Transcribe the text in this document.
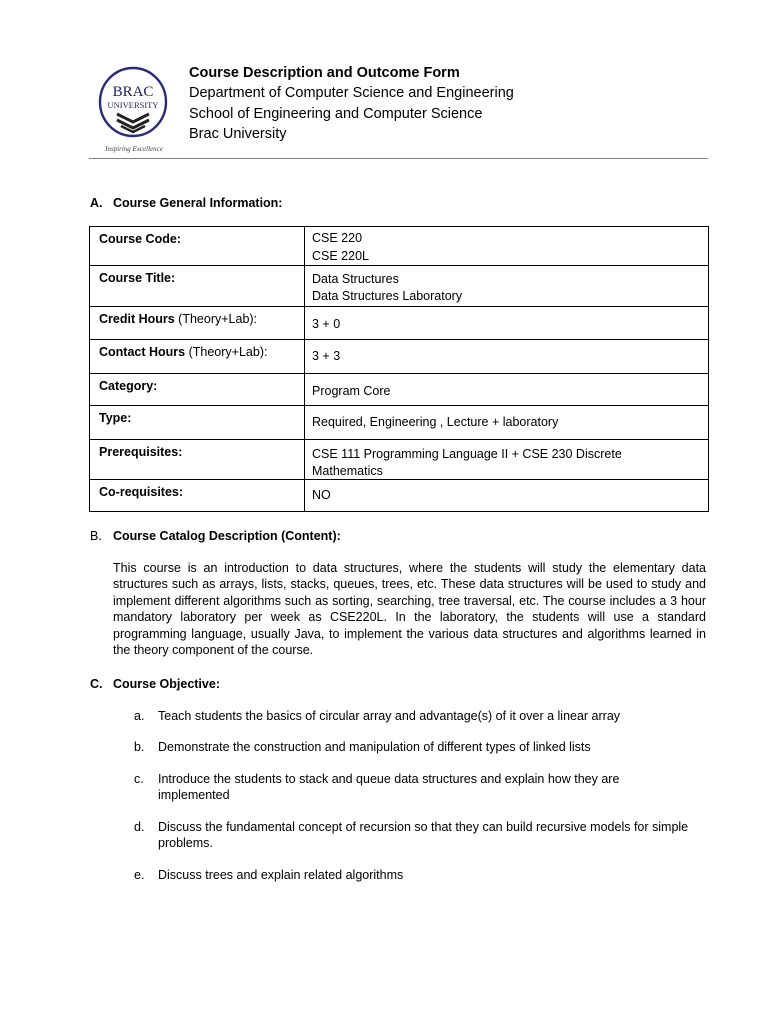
BRAC
UNIVERSITY
Inspiring Excellence
Course Description and Outcome Form
Department of Computer Science and Engineering
School of Engineering and Computer Science
Brac University
A. Course General Information:
Course Code:	CSE 220
CSE 220L

Course Title:	Data Structures
Data Structures Laboratory

Credit Hours (Theory+Lab):	3 + 0

Contact Hours (Theory+Lab):	3 + 3

Category:	Program Core

Type:	Required, Engineering , Lecture + laboratory

Prerequisites:	CSE 111 Programming Language II + CSE 230 Discrete Mathematics

Co-requisites:	NO
B. Course Catalog Description (Content):
This course is an introduction to data structures, where the students will study the elementary data structures such as arrays, lists, stacks, queues, trees, etc. These data structures will be used to study and implement different algorithms such as sorting, searching, tree traversal, etc. The course includes a 3 hour mandatory laboratory per week as CSE220L. In the laboratory, the students will use a standard programming language, usually Java, to implement the various data structures and algorithms learned in the theory component of the course.
C. Course Objective:
a. Teach students the basics of circular array and advantage(s) of it over a linear array
b. Demonstrate the construction and manipulation of different types of linked lists
c. Introduce the students to stack and queue data structures and explain how they are implemented
d. Discuss the fundamental concept of recursion so that they can build recursive models for simple problems.
e. Discuss trees and explain related algorithms
